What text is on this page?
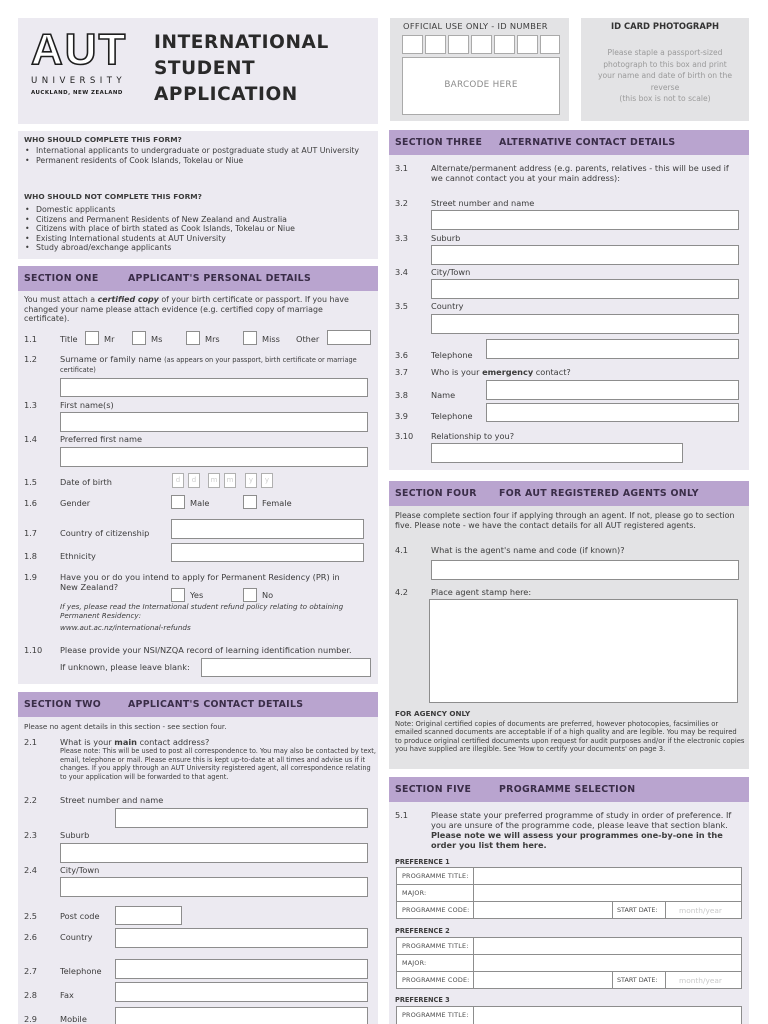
AUT
UNIVERSITY
AUCKLAND, NEW ZEALAND
INTERNATIONAL
STUDENT
APPLICATION
OFFICIAL USE ONLY - ID NUMBER
BARCODE HERE
ID CARD PHOTOGRAPH
Please staple a passport-sized photograph to this box and print your name and date of birth on the reverse
(this box is not to scale)
WHO SHOULD COMPLETE THIS FORM?
• International applicants to undergraduate or postgraduate study at AUT University
• Permanent residents of Cook Islands, Tokelau or Niue
WHO SHOULD NOT COMPLETE THIS FORM?
• Domestic applicants
• Citizens and Permanent Residents of New Zealand and Australia
• Citizens with place of birth stated as Cook Islands, Tokelau or Niue
• Existing International students at AUT University
• Study abroad/exchange applicants
SECTION ONE	APPLICANT'S PERSONAL DETAILS
You must attach a certified copy of your birth certificate or passport. If you have changed your name please attach evidence (e.g. certified copy of marriage certificate).
1.1	Title	Mr	Ms	Mrs	Miss Other
1.2	Surname or family name (as appears on your passport, birth certificate or marriage certificate)
1.3	First name(s)
1.4	Preferred first name
1.5	Date of birth	d	d	m	m	y	y
1.6	Gender	Male	Female
1.7	Country of citizenship
1.8	Ethnicity
1.9	Have you or do you intend to apply for Permanent Residency (PR) in New Zealand?
Yes	No
If yes, please read the International student refund policy relating to obtaining Permanent Residency:
www.aut.ac.nz/international-refunds
1.10 Please provide your NSI/NZQA record of learning identification number.
If unknown, please leave blank:
SECTION TWO	APPLICANT'S CONTACT DETAILS
Please no agent details in this section - see section four.
2.1	What is your main contact address?
Please note: This will be used to post all correspondence to. You may also be contacted by text, email, telephone or mail. Please ensure this is kept up-to-date at all times and advise us if it changes. If you apply through an AUT University registered agent, all correspondence relating to your application will be forwarded to that agent.
2.2	Street number and name
2.3	Suburb
2.4	City/Town
2.5	Post code
2.6	Country
2.7	Telephone
2.8	Fax
2.9	Mobile
SECTION THREE	ALTERNATIVE CONTACT DETAILS
3.1	Alternate/permanent address (e.g. parents, relatives - this will be used if we cannot contact you at your main address):
3.2	Street number and name
3.3	Suburb
3.4	City/Town
3.5	Country
3.6	Telephone
3.7	Who is your emergency contact?
3.8	Name
3.9	Telephone
3.10 Relationship to you?
SECTION FOUR	FOR AUT REGISTERED AGENTS ONLY
Please complete section four if applying through an agent. If not, please go to section five. Please note - we have the contact details for all AUT registered agents.
4.1	What is the agent's name and code (if known)?
4.2	Place agent stamp here:
FOR AGENCY ONLY
Note: Original certified copies of documents are preferred, however photocopies, facsimilies or emailed scanned documents are acceptable if of a high quality and are legible. You may be required to produce original certified documents upon request for audit purposes and/or if the electronic copies you have supplied are illegible. See 'How to certify your documents' on page 3.
SECTION FIVE	PROGRAMME SELECTION
5.1	Please state your preferred programme of study in order of preference. If you are unsure of the programme code, please leave that section blank. Please note we will assess your programmes one-by-one in the order you list them here.
PREFERENCE 1
PROGRAMME TITLE:
MAJOR:
PROGRAMME CODE:	START DATE:	month/year
PREFERENCE 2
PROGRAMME TITLE:
MAJOR:
PROGRAMME CODE:	START DATE:	month/year
PREFERENCE 3
PROGRAMME TITLE:
